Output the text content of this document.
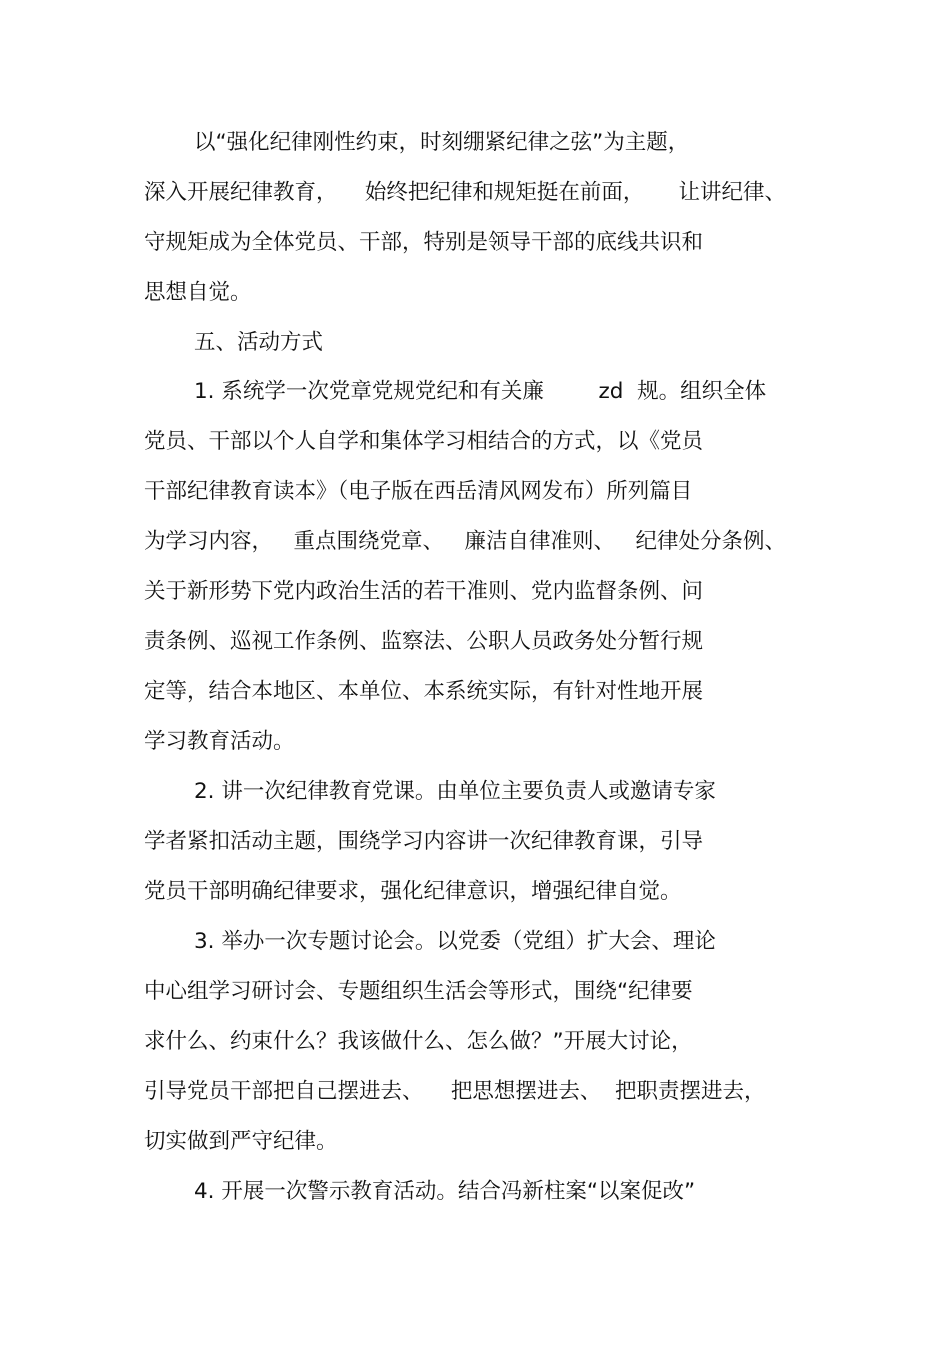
以“强化纪律刚性约束，时刻绷紧纪律之弦”为主题，
深入开展纪律教育，    始终把纪律和规矩挺在前面，     让讲纪律、
守规矩成为全体党员、干部，特别是领导干部的底线共识和
思想自觉。
五、活动方式
1. 系统学一次党章党规党纪和有关廉        zd  规。组织全体
党员、干部以个人自学和集体学习相结合的方式，以《党员
干部纪律教育读本》（电子版在西岳清风网发布）所列篇目
为学习内容，   重点围绕党章、   廉洁自律准则、   纪律处分条例、
关于新形势下党内政治生活的若干准则、党内监督条例、问
责条例、巡视工作条例、监察法、公职人员政务处分暂行规
定等，结合本地区、本单位、本系统实际，有针对性地开展
学习教育活动。
2. 讲一次纪律教育党课。由单位主要负责人或邀请专家
学者紧扣活动主题，围绕学习内容讲一次纪律教育课，引导
党员干部明确纪律要求，强化纪律意识，增强纪律自觉。
3. 举办一次专题讨论会。以党委（党组）扩大会、理论
中心组学习研讨会、专题组织生活会等形式，围绕“纪律要
求什么、约束什么？我该做什么、怎么做？”开展大讨论，
引导党员干部把自己摆进去、    把思想摆进去、  把职责摆进去，
切实做到严守纪律。
4. 开展一次警示教育活动。结合冯新柱案“以案促改”
